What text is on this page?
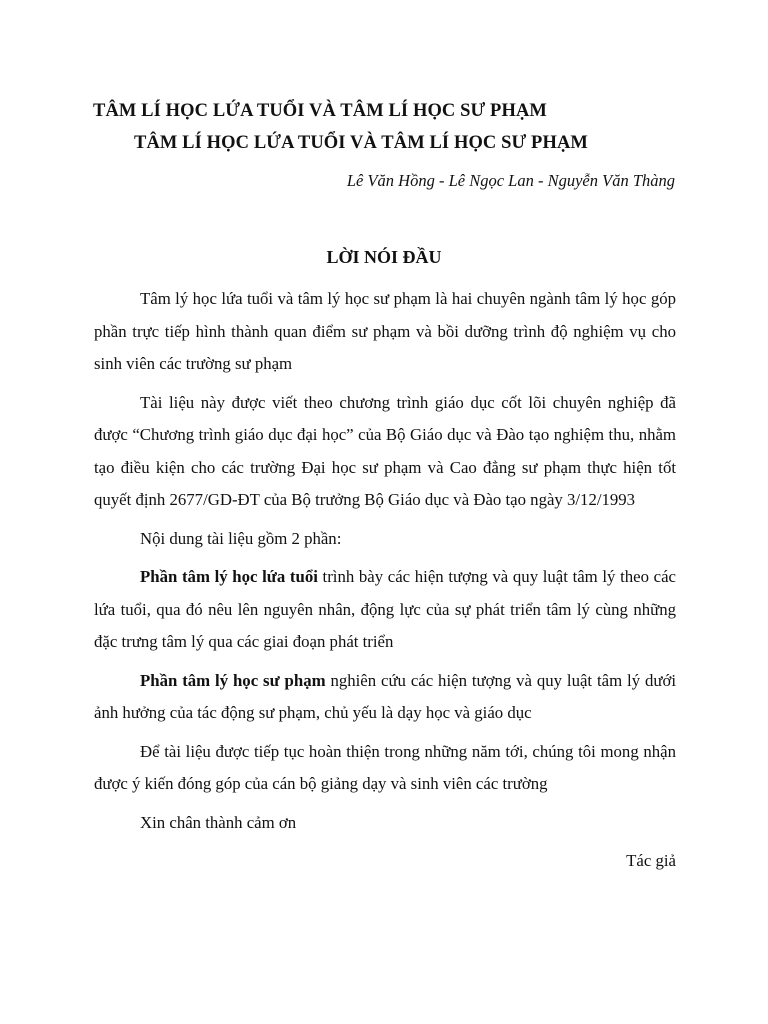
TÂM LÍ HỌC LỨA TUỔI VÀ TÂM LÍ HỌC SƯ PHẠM
TÂM LÍ HỌC LỨA TUỔI VÀ TÂM LÍ HỌC SƯ PHẠM
Lê Văn Hồng - Lê Ngọc Lan - Nguyễn Văn Thàng
LỜI NÓI ĐẦU

Tâm lý học lứa tuổi và tâm lý học sư phạm là hai chuyên ngành tâm lý học góp phần trực tiếp hình thành quan điểm sư phạm và bồi dưỡng trình độ nghiệm vụ cho sinh viên các trường sư phạm

Tài liệu này được viết theo chương trình giáo dục cốt lõi chuyên nghiệp đã được “Chương trình giáo dục đại học” của Bộ Giáo dục và Đào tạo nghiệm thu, nhằm tạo điều kiện cho các trường Đại học sư phạm và Cao đẳng sư phạm thực hiện tốt quyết định 2677/GD-ĐT của Bộ trưởng Bộ Giáo dục và Đào tạo ngày 3/12/1993

Nội dung tài liệu gồm 2 phần:

Phần tâm lý học lứa tuổi trình bày các hiện tượng và quy luật tâm lý theo các lứa tuổi, qua đó nêu lên nguyên nhân, động lực của sự phát triển tâm lý cùng những đặc trưng tâm lý qua các giai đoạn phát triển

Phần tâm lý học sư phạm nghiên cứu các hiện tượng và quy luật tâm lý dưới ảnh hưởng của tác động sư phạm, chủ yếu là dạy học và giáo dục

Để tài liệu được tiếp tục hoàn thiện trong những năm tới, chúng tôi mong nhận được ý kiến đóng góp của cán bộ giảng dạy và sinh viên các trường

Xin chân thành cảm ơn

Tác giả
